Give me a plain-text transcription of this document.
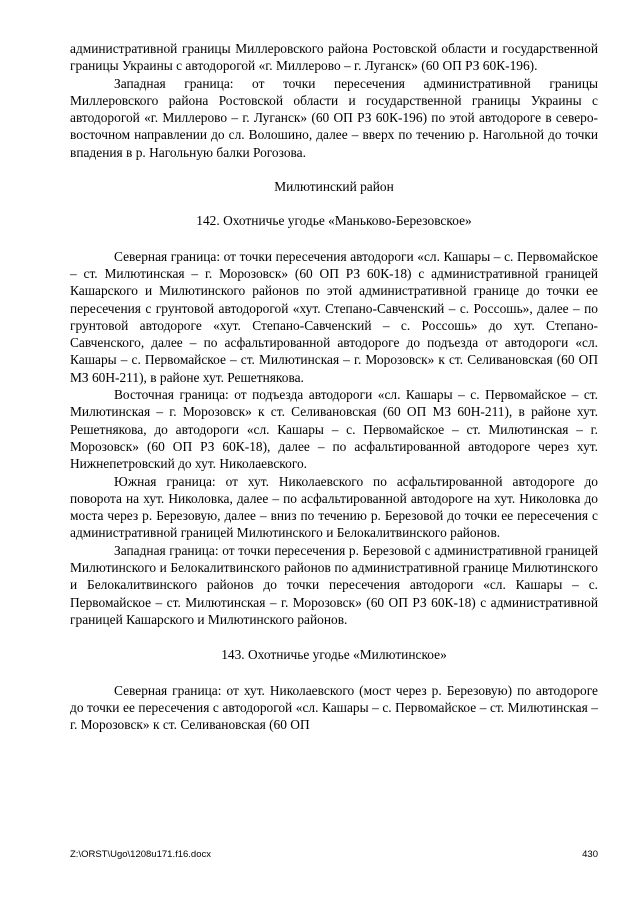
административной границы Миллеровского района Ростовской области и государственной границы Украины с автодорогой «г. Миллерово – г. Луганск» (60 ОП РЗ 60К-196).

Западная граница: от точки пересечения административной границы Миллеровского района Ростовской области и государственной границы Украины с автодорогой «г. Миллерово – г. Луганск» (60 ОП РЗ 60К-196) по этой автодороге в северо-восточном направлении до сл. Волошино, далее – вверх по течению р. Нагольной до точки впадения в р. Нагольную балки Рогозова.

Милютинский район
142. Охотничье угодье «Маньково-Березовское»

Северная граница: от точки пересечения автодороги «сл. Кашары – с. Первомайское – ст. Милютинская – г. Морозовск» (60 ОП РЗ 60К-18) с административной границей Кашарского и Милютинского районов по этой административной границе до точки ее пересечения с грунтовой автодорогой «хут. Степано-Савченский – с. Россошь», далее – по грунтовой автодороге «хут. Степано-Савченский – с. Россошь» до хут. Степано-Савченского, далее – по асфальтированной автодороге до подъезда от автодороги «сл. Кашары – с. Первомайское – ст. Милютинская – г. Морозовск» к ст. Селивановская (60 ОП МЗ 60Н-211), в районе хут. Решетнякова.

Восточная граница: от подъезда автодороги «сл. Кашары – с. Первомайское – ст. Милютинская – г. Морозовск» к ст. Селивановская (60 ОП МЗ 60Н-211), в районе хут. Решетнякова, до автодороги «сл. Кашары – с. Первомайское – ст. Милютинская – г. Морозовск» (60 ОП РЗ 60К-18), далее – по асфальтированной автодороге через хут. Нижнепетровский до хут. Николаевского.

Южная граница: от хут. Николаевского по асфальтированной автодороге до поворота на хут. Николовка, далее – по асфальтированной автодороге на хут. Николовка до моста через р. Березовую, далее – вниз по течению р. Березовой до точки ее пересечения с административной границей Милютинского и Белокалитвинского районов.

Западная граница: от точки пересечения р. Березовой с административной границей Милютинского и Белокалитвинского районов по административной границе Милютинского и Белокалитвинского районов до точки пересечения автодороги «сл. Кашары – с. Первомайское – ст. Милютинская – г. Морозовск» (60 ОП РЗ 60К-18) с административной границей Кашарского и Милютинского районов.

143. Охотничье угодье «Милютинское»

Северная граница: от хут. Николаевского (мост через р. Березовую) по автодороге до точки ее пересечения с автодорогой «сл. Кашары – с. Первомайское – ст. Милютинская – г. Морозовск» к ст. Селивановская (60 ОП

Z:\ORST\Ugo\1208u171.f16.docx	430
